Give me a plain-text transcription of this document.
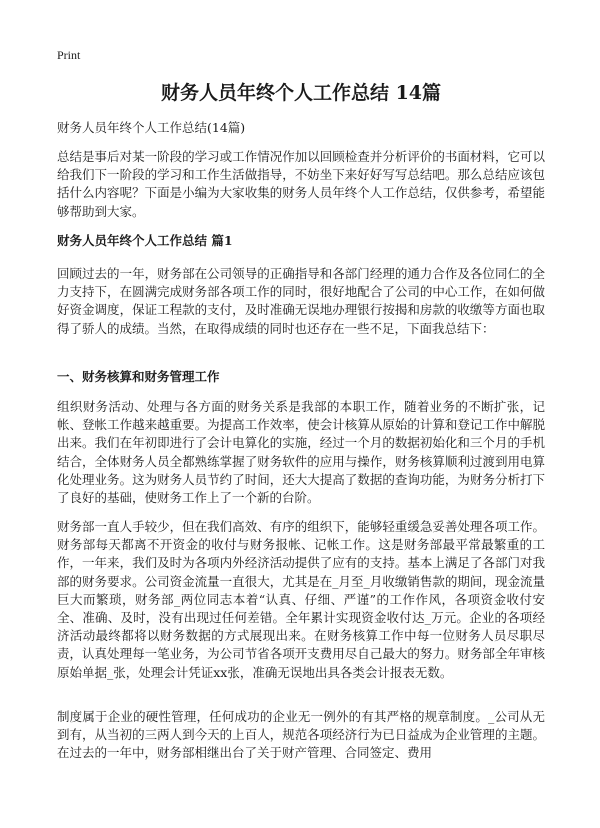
Print
财务人员年终个人工作总结 14篇
财务人员年终个人工作总结(14篇)

总结是事后对某一阶段的学习或工作情况作加以回顾检查并分析评价的书面材料，它可以给我们下一阶段的学习和工作生活做指导，不妨坐下来好好写写总结吧。那么总结应该包括什么内容呢？下面是小编为大家收集的财务人员年终个人工作总结，仅供参考，希望能够帮助到大家。

财务人员年终个人工作总结 篇1

回顾过去的一年，财务部在公司领导的正确指导和各部门经理的通力合作及各位同仁的全力支持下，在圆满完成财务部各项工作的同时，很好地配合了公司的中心工作，在如何做好资金调度，保证工程款的支付，及时准确无误地办理银行按揭和房款的收缴等方面也取得了骄人的成绩。当然，在取得成绩的同时也还存在一些不足，下面我总结下：

一、财务核算和财务管理工作

组织财务活动、处理与各方面的财务关系是我部的本职工作，随着业务的不断扩张，记帐、登帐工作越来越重要。为提高工作效率，使会计核算从原始的计算和登记工作中解脱出来。我们在年初即进行了会计电算化的实施，经过一个月的数据初始化和三个月的手机结合，全体财务人员全都熟练掌握了财务软件的应用与操作，财务核算顺利过渡到用电算化处理业务。这为财务人员节约了时间，还大大提高了数据的查询功能，为财务分析打下了良好的基础，使财务工作上了一个新的台阶。

财务部一直人手较少，但在我们高效、有序的组织下，能够轻重缓急妥善处理各项工作。财务部每天都离不开资金的收付与财务报帐、记帐工作。这是财务部最平常最繁重的工作，一年来，我们及时为各项内外经济活动提供了应有的支持。基本上满足了各部门对我部的财务要求。公司资金流量一直很大，尤其是在_月至_月收缴销售款的期间，现金流量巨大而繁琐，财务部_两位同志本着“认真、仔细、严谨”的工作作风，各项资金收付安全、准确、及时，没有出现过任何差错。全年累计实现资金收付达_万元。企业的各项经济活动最终都将以财务数据的方式展现出来。在财务核算工作中每一位财务人员尽职尽责，认真处理每一笔业务，为公司节省各项开支费用尽自己最大的努力。财务部全年审核原始单据_张，处理会计凭证xx张，准确无误地出具各类会计报表无数。

制度属于企业的硬性管理，任何成功的企业无一例外的有其严格的规章制度。_公司从无到有，从当初的三两人到今天的上百人，规范各项经济行为已日益成为企业管理的主题。在过去的一年中，财务部相继出台了关于财产管理、合同签定、费用
